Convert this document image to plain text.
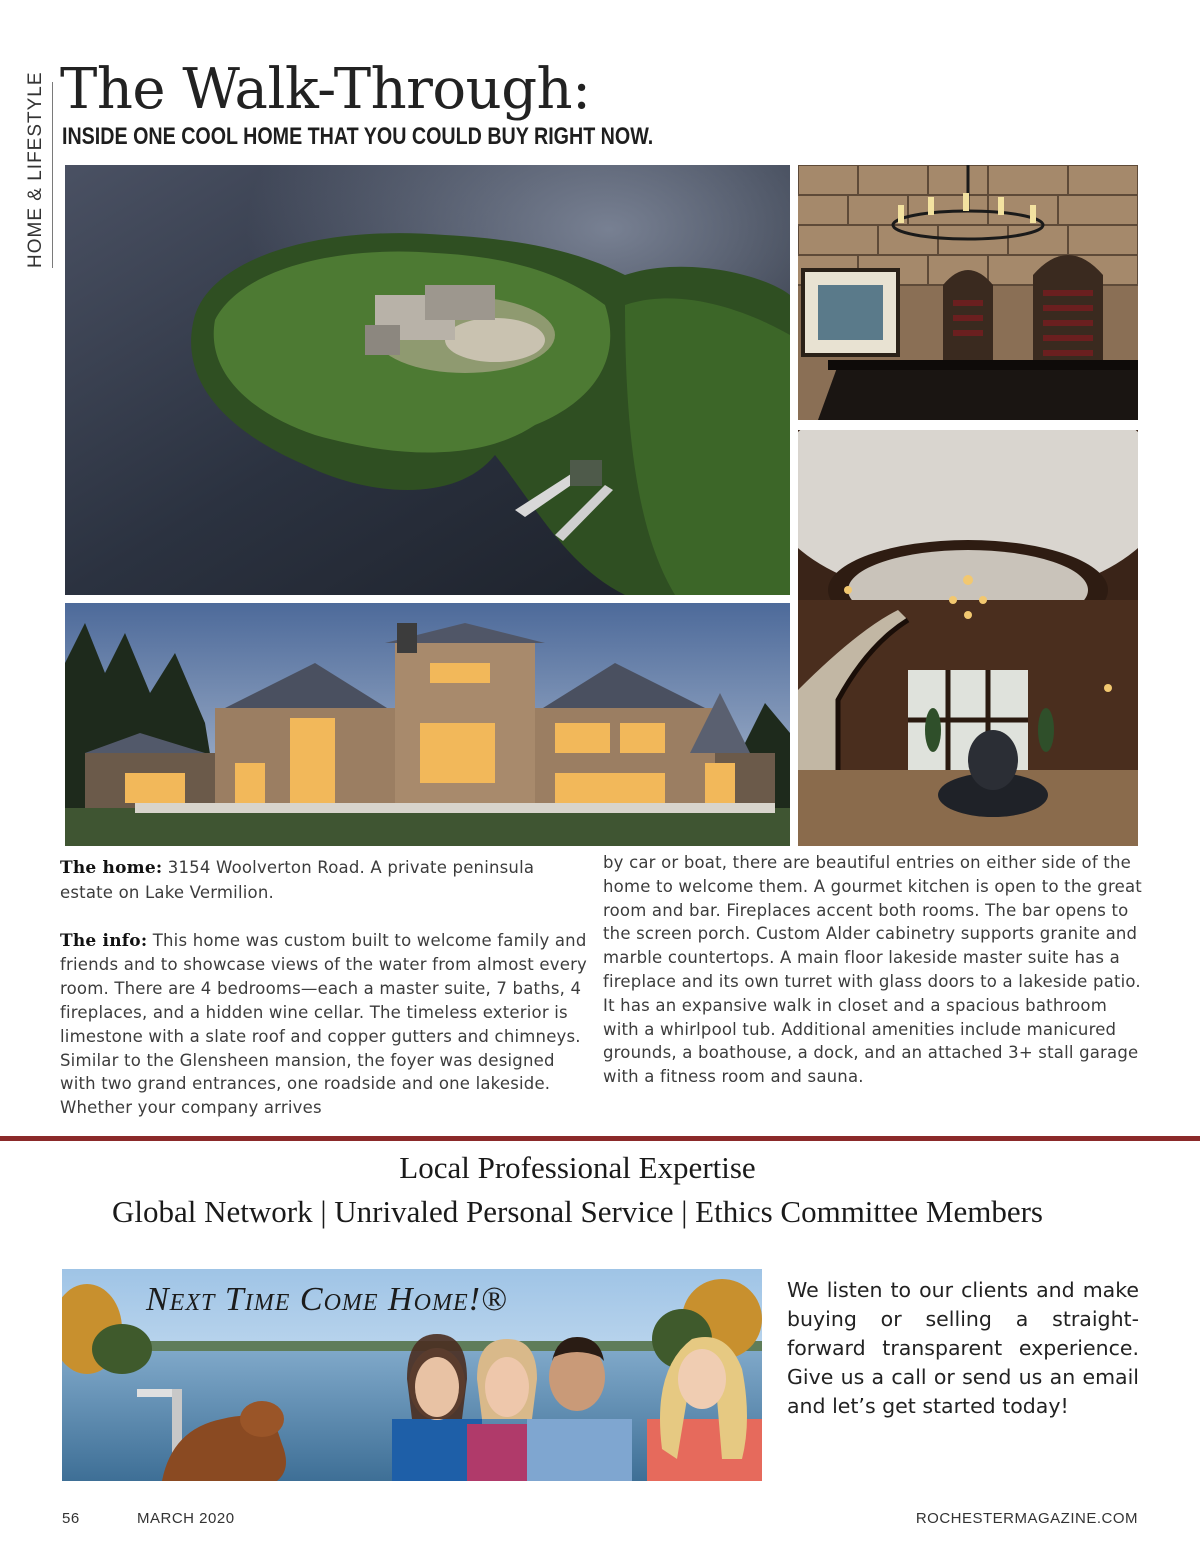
HOME & LIFESTYLE The Walk-Through:
INSIDE ONE COOL HOME THAT YOU COULD BUY RIGHT NOW.

The home: 3154 Woolverton Road. A private peninsula estate on Lake Vermilion.

The info: This home was custom built to welcome family and friends and to showcase views of the water from almost every room. There are 4 bedrooms—each a master suite, 7 baths, 4 fireplaces, and a hidden wine cellar. The timeless exterior is limestone with a slate roof and copper gutters and chimneys. Similar to the Glensheen mansion, the foyer was designed with two grand entrances, one roadside and one lakeside. Whether your company arrives

by car or boat, there are beautiful entries on either side of the home to welcome them. A gourmet kitchen is open to the great room and bar. Fireplaces accent both rooms. The bar opens to the screen porch. Custom Alder cabinetry supports granite and marble countertops. A main floor lakeside master suite has a fireplace and its own turret with glass doors to a lakeside patio. It has an expansive walk in closet and a spacious bathroom with a whirlpool tub. Additional amenities include manicured grounds, a boathouse, a dock, and an attached 3+ stall garage with a fitness room and sauna.

Local Professional Expertise
Global Network | Unrivaled Personal Service | Ethics Committee Members
Next Time Come Home!®	We listen to our clients and make buying or selling a straight-forward transparent experience. Give us a call or send us an email and let’s get started today!

56	MARCH 2020	ROCHESTERMAGAZINE.COM
